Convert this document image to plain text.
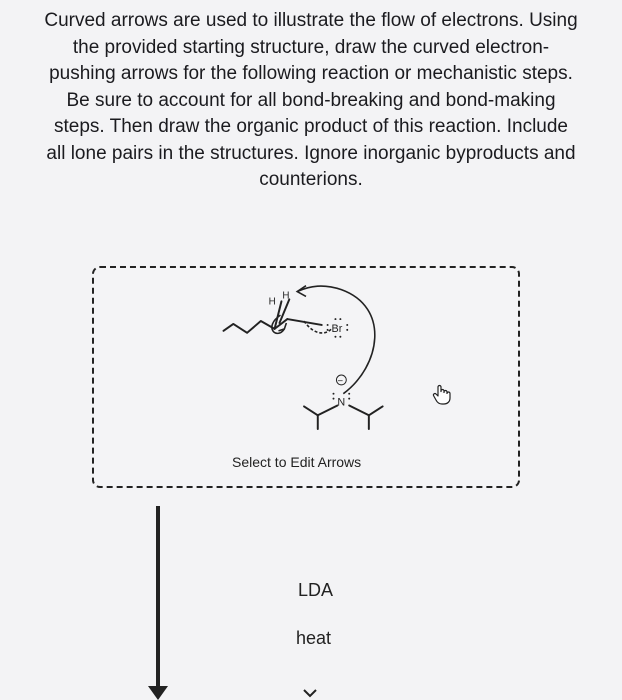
Curved arrows are used to illustrate the flow of electrons. Using
the provided starting structure, draw the curved electron-
pushing arrows for the following reaction or mechanistic steps.
Be sure to account for all bond-breaking and bond-making
steps. Then draw the organic product of this reaction. Include
all lone pairs in the structures. Ignore inorganic byproducts and
counterions.
H
H
Br
−
N
Select to Edit Arrows
LDA
heat
